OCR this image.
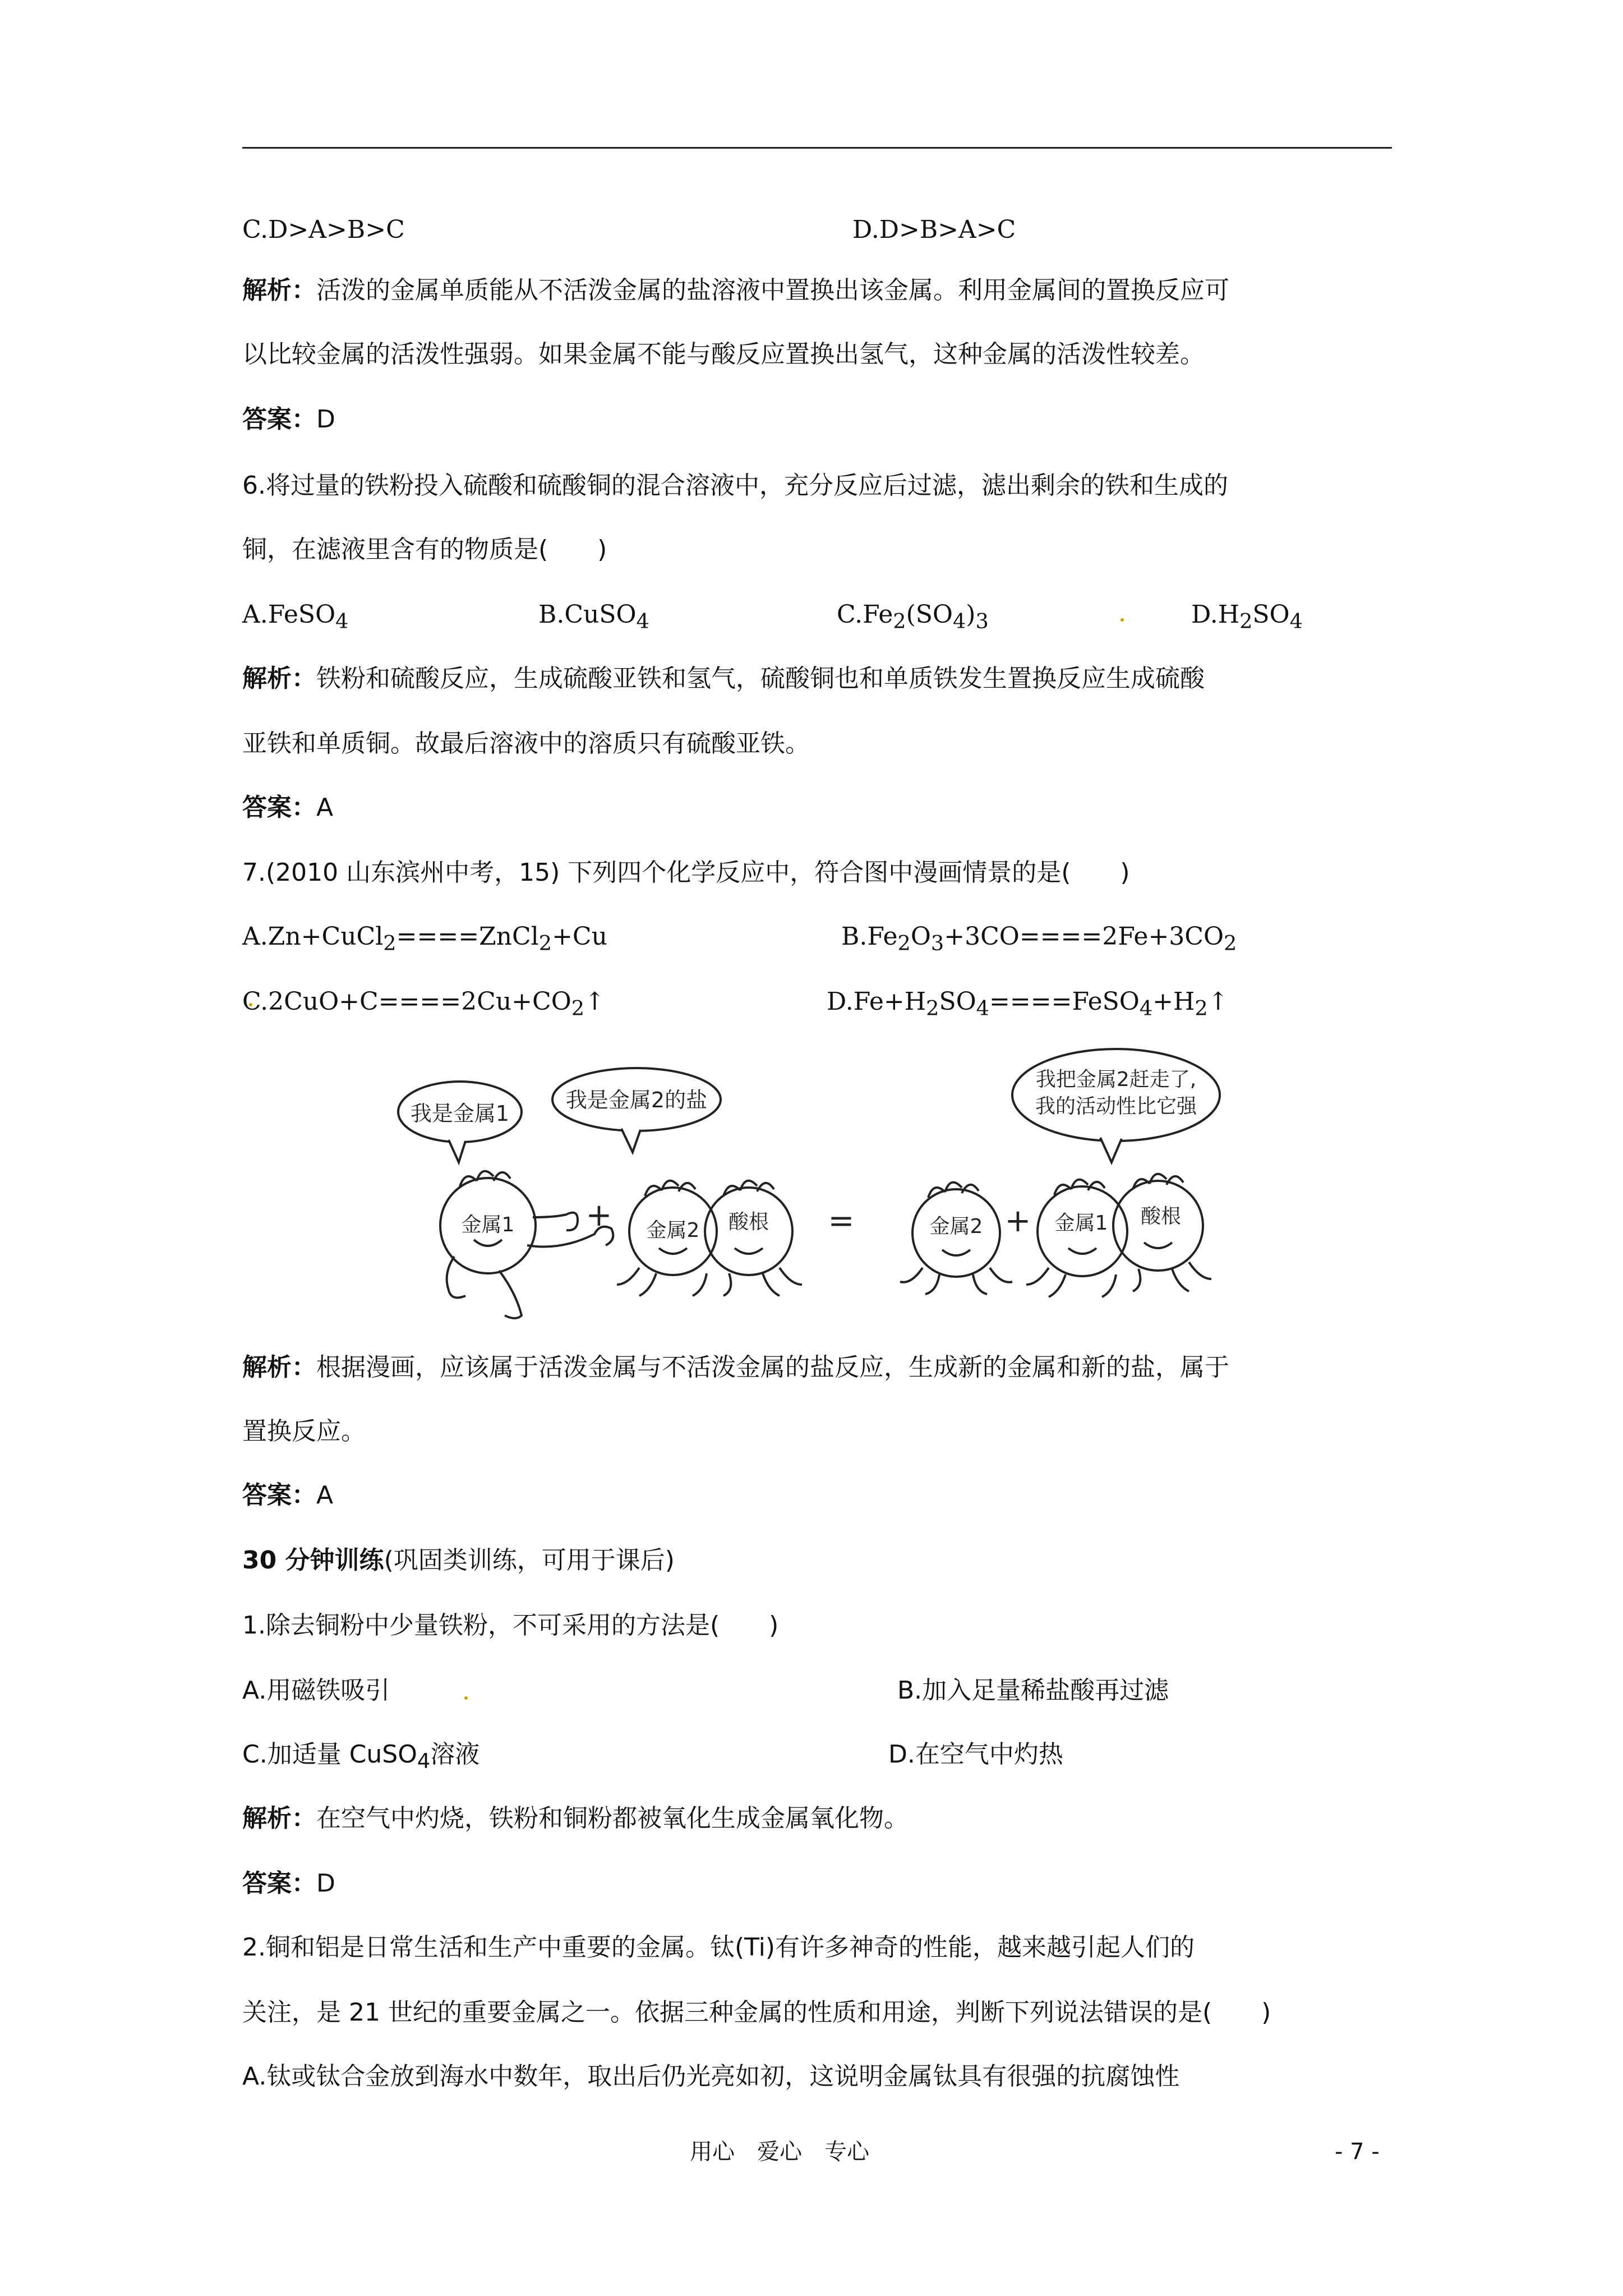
C.D>A>B>C	D.D>B>A>C
解析：活泼的金属单质能从不活泼金属的盐溶液中置换出该金属。利用金属间的置换反应可
以比较金属的活泼性强弱。如果金属不能与酸反应置换出氢气，这种金属的活泼性较差。
答案：D
6.将过量的铁粉投入硫酸和硫酸铜的混合溶液中，充分反应后过滤，滤出剩余的铁和生成的
铜，在滤液里含有的物质是(　　)
A.FeSO$_4$	B.CuSO$_4$	$C.Fe_2(SO_4)_3$	$D.H_2SO_4$
解析：铁粉和硫酸反应，生成硫酸亚铁和氢气，硫酸铜也和单质铁发生置换反应生成硫酸
亚铁和单质铜。故最后溶液中的溶质只有硫酸亚铁。
答案：A
7.(2010 山东滨州中考，15) 下列四个化学反应中，符合图中漫画情景的是(　　)
A.Zn+CuCl$_2$====ZnCl$_2$+Cu	$B.Fe_2O_3+3CO====2Fe+3CO_2$
$C.2CuO+C====2Cu+CO_2↑$	$D.Fe+H_2SO_4====FeSO_4+H_2↑$
我是金属1
我是金属2的盐
我把金属2赶走了,
我的活动性比它强
金属1	金属2 酸根	金属2	金属1 酸根
+	=	+
解析：根据漫画，应该属于活泼金属与不活泼金属的盐反应，生成新的金属和新的盐，属于
置换反应。
答案：A
30 分钟训练(巩固类训练，可用于课后)
1.除去铜粉中少量铁粉，不可采用的方法是(　　)
A.用磁铁吸引	B.加入足量稀盐酸再过滤
C.加适量 CuSO$_4$溶液	D.在空气中灼热
解析：在空气中灼烧，铁粉和铜粉都被氧化生成金属氧化物。
答案：D
2.铜和铝是日常生活和生产中重要的金属。钛(Ti)有许多神奇的性能，越来越引起人们的
关注，是 21 世纪的重要金属之一。依据三种金属的性质和用途，判断下列说法错误的是(　　)
A.钛或钛合金放到海水中数年，取出后仍光亮如初，这说明金属钛具有很强的抗腐蚀性
用心　爱心　专心	- 7 -
